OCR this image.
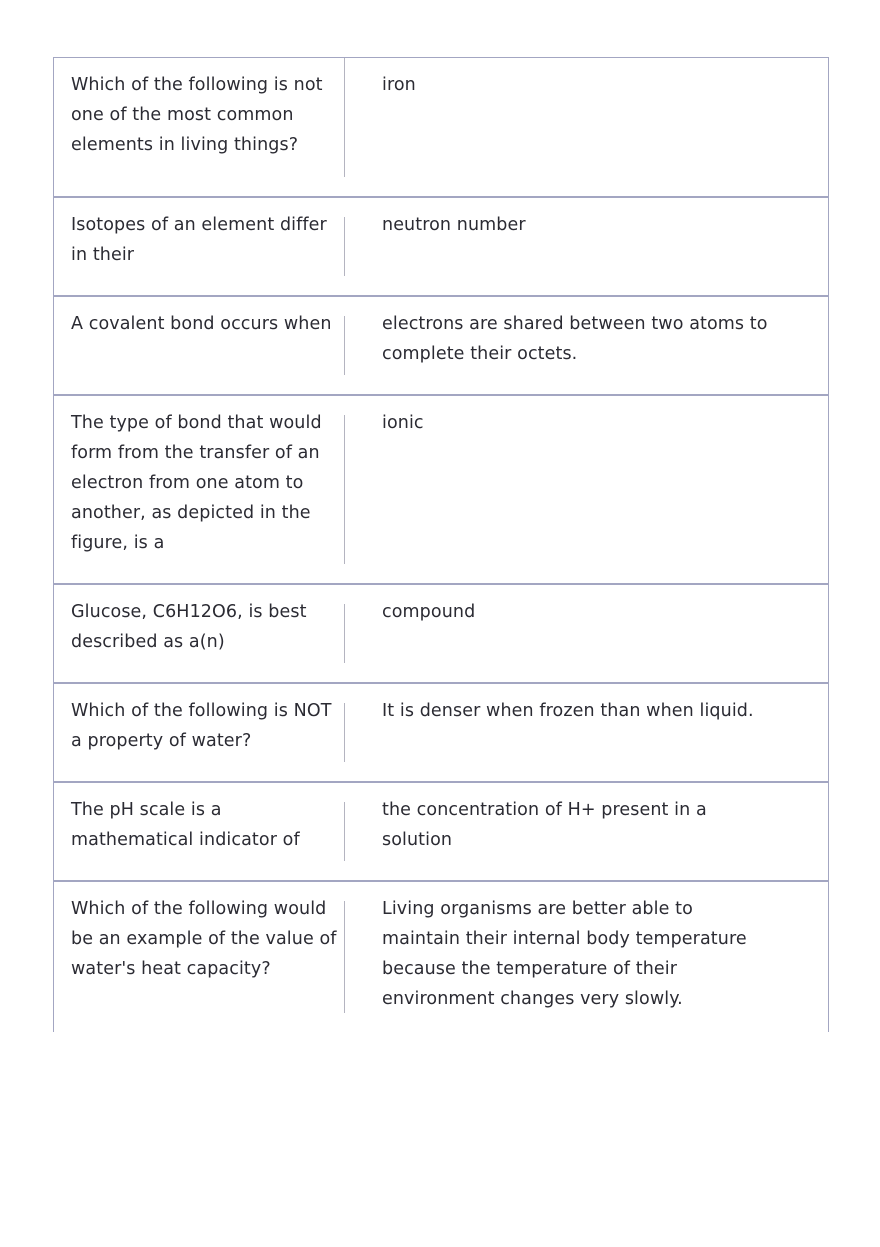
Which of the following is not one of the most common elements in living things?
iron
Isotopes of an element differ in their
neutron number
A covalent bond occurs when	electrons are shared between two atoms to complete their octets.
The type of bond that would form from the transfer of an electron from one atom to another, as depicted in the figure, is a
ionic
Glucose, C6H12O6, is best described as a(n)
compound
Which of the following is NOT a property of water?
It is denser when frozen than when liquid.
The pH scale is a mathematical indicator of
the concentration of H+ present in a solution
Which of the following would be an example of the value of water's heat capacity?
Living organisms are better able to maintain their internal body temperature because the temperature of their environment changes very slowly.
